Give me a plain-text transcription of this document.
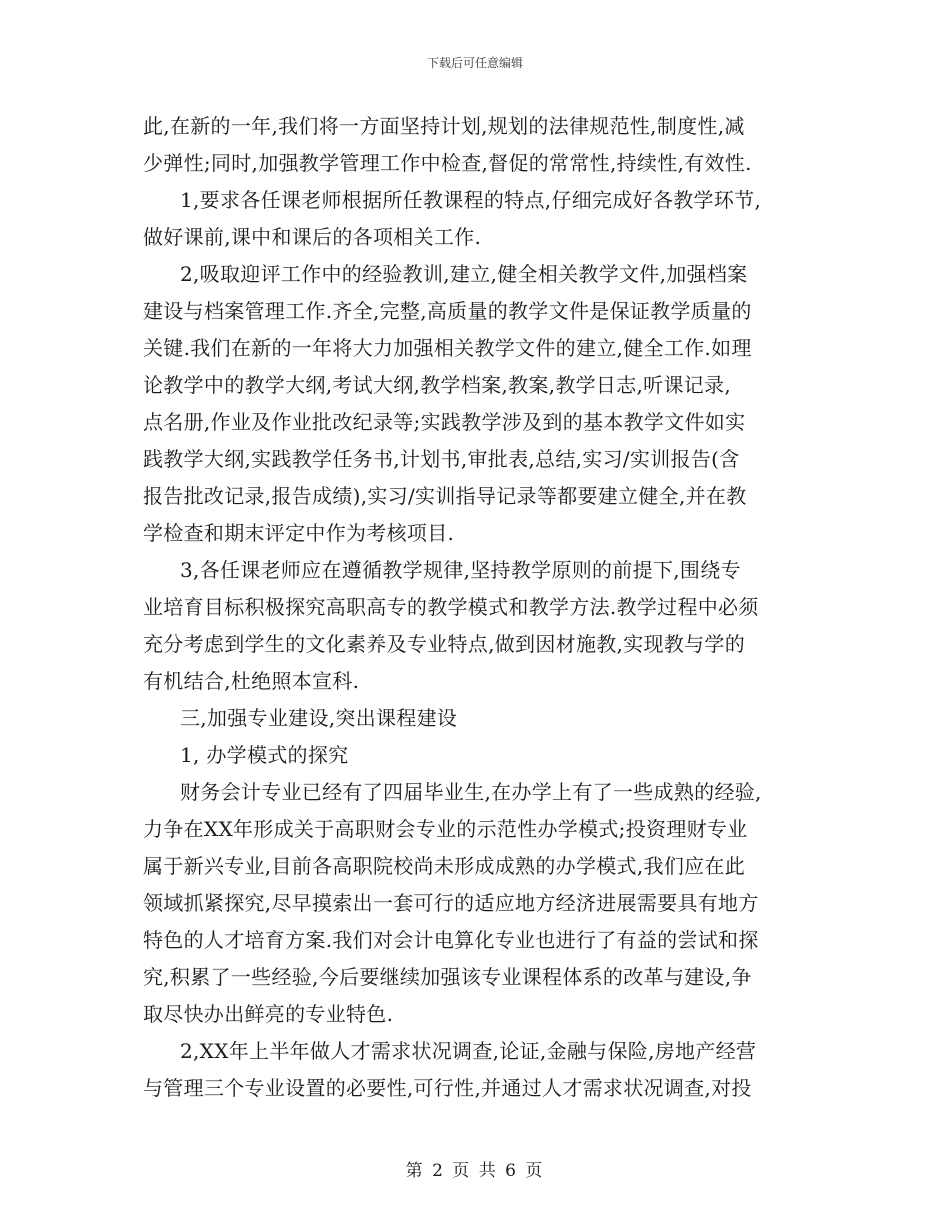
下载后可任意编辑
此,在新的一年,我们将一方面坚持计划,规划的法律规范性,制度性,减
少弹性;同时,加强教学管理工作中检查,督促的常常性,持续性,有效性.
1,要求各任课老师根据所任教课程的特点,仔细完成好各教学环节,
做好课前,课中和课后的各项相关工作.
2,吸取迎评工作中的经验教训,建立,健全相关教学文件,加强档案
建设与档案管理工作.齐全,完整,高质量的教学文件是保证教学质量的
关键.我们在新的一年将大力加强相关教学文件的建立,健全工作.如理
论教学中的教学大纲,考试大纲,教学档案,教案,教学日志,听课记录,
点名册,作业及作业批改纪录等;实践教学涉及到的基本教学文件如实
践教学大纲,实践教学任务书,计划书,审批表,总结,实习/实训报告(含
报告批改记录,报告成绩),实习/实训指导记录等都要建立健全,并在教
学检查和期末评定中作为考核项目.
3,各任课老师应在遵循教学规律,坚持教学原则的前提下,围绕专
业培育目标积极探究高职高专的教学模式和教学方法.教学过程中必须
充分考虑到学生的文化素养及专业特点,做到因材施教,实现教与学的
有机结合,杜绝照本宣科.
三,加强专业建设,突出课程建设
1, 办学模式的探究
财务会计专业已经有了四届毕业生,在办学上有了一些成熟的经验,
力争在XX年形成关于高职财会专业的示范性办学模式;投资理财专业
属于新兴专业,目前各高职院校尚未形成成熟的办学模式,我们应在此
领域抓紧探究,尽早摸索出一套可行的适应地方经济进展需要具有地方
特色的人才培育方案.我们对会计电算化专业也进行了有益的尝试和探
究,积累了一些经验,今后要继续加强该专业课程体系的改革与建设,争
取尽快办出鲜亮的专业特色.
2,XX年上半年做人才需求状况调查,论证,金融与保险,房地产经营
与管理三个专业设置的必要性,可行性,并通过人才需求状况调查,对投
第 2 页 共 6 页
